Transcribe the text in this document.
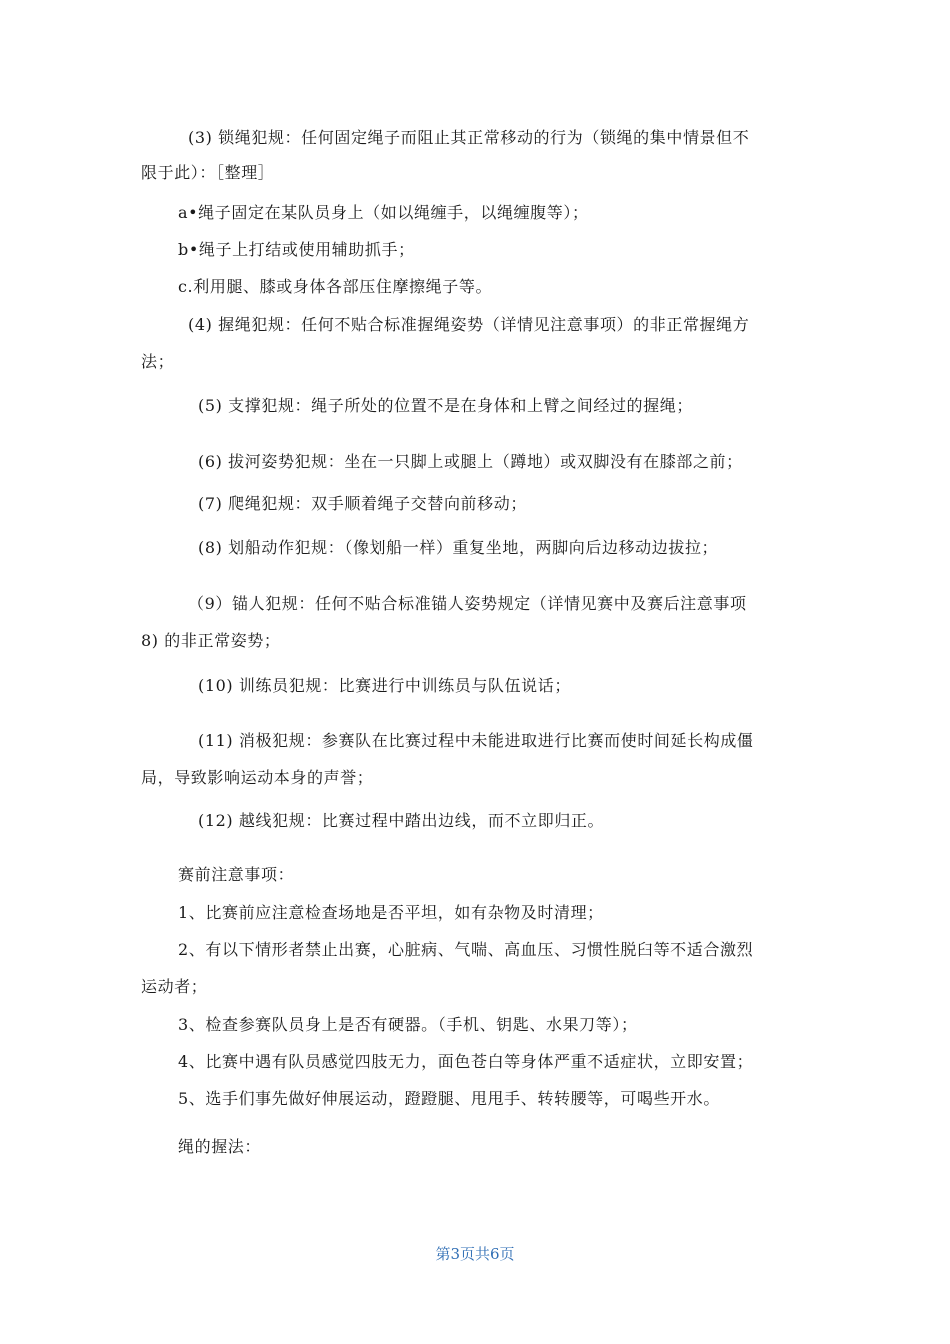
(3) 锁绳犯规：任何固定绳子而阻止其正常移动的行为（锁绳的集中情景但不
限于此）：［整理］
a•绳子固定在某队员身上（如以绳缠手，以绳缠腹等）；
b•绳子上打结或使用辅助抓手；
c.利用腿、膝或身体各部压住摩擦绳子等。
(4) 握绳犯规：任何不贴合标准握绳姿势（详情见注意事项）的非正常握绳方
法；
(5) 支撑犯规：绳子所处的位置不是在身体和上臂之间经过的握绳；
(6) 拔河姿势犯规：坐在一只脚上或腿上（蹲地）或双脚没有在膝部之前；
(7) 爬绳犯规：双手顺着绳子交替向前移动；
(8) 划船动作犯规：（像划船一样）重复坐地，两脚向后边移动边拔拉；
（9）锚人犯规：任何不贴合标准锚人姿势规定（详情见赛中及赛后注意事项
8) 的非正常姿势；
(10) 训练员犯规：比赛进行中训练员与队伍说话；
(11) 消极犯规：参赛队在比赛过程中未能进取进行比赛而使时间延长构成僵
局，导致影响运动本身的声誉；
(12) 越线犯规：比赛过程中踏出边线，而不立即归正。
赛前注意事项：
1、比赛前应注意检查场地是否平坦，如有杂物及时清理；
2、有以下情形者禁止出赛，心脏病、气喘、高血压、习惯性脱臼等不适合激烈
运动者；
3、检查参赛队员身上是否有硬器。（手机、钥匙、水果刀等）；
4、比赛中遇有队员感觉四肢无力，面色苍白等身体严重不适症状，立即安置；
5、选手们事先做好伸展运动，蹬蹬腿、甩甩手、转转腰等，可喝些开水。
绳的握法：
第3页共6页
